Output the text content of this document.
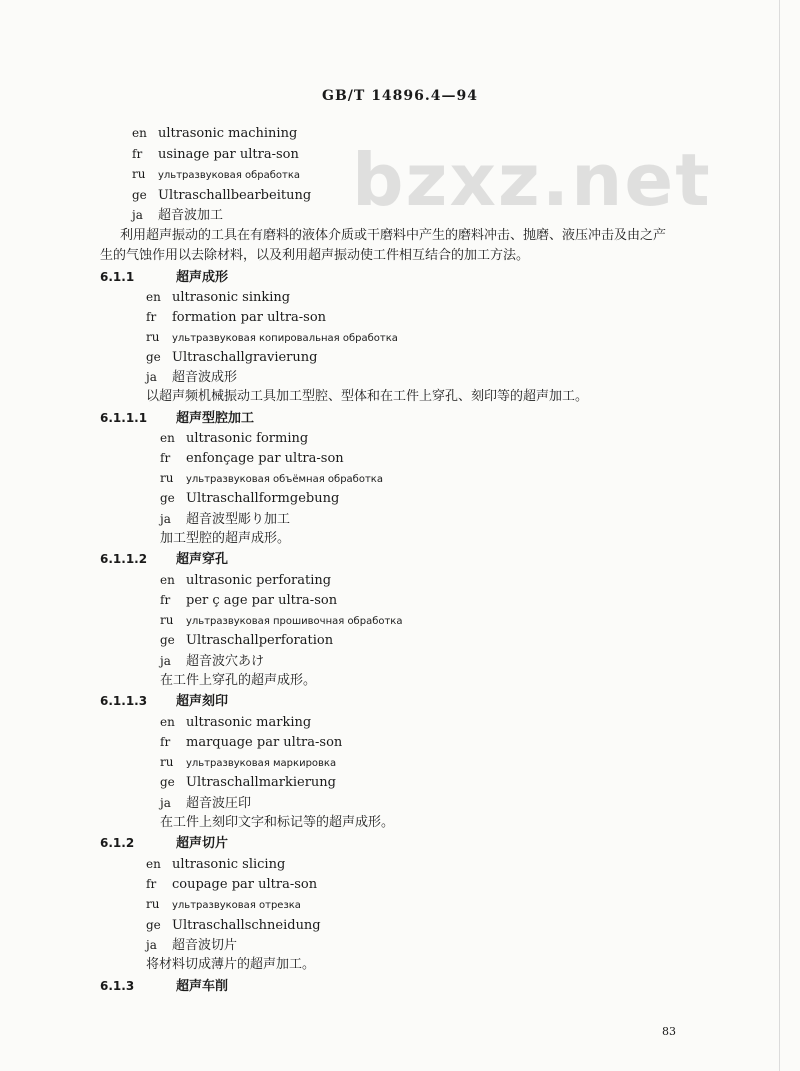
GB/T 14896.4—94
bzxz.net
en ultrasonic machining
fr usinage par ultra-son
ru ультразвуковая обработка
ge Ultraschallbearbeitung
ja 超音波加工
利用超声振动的工具在有磨料的液体介质或干磨料中产生的磨料冲击、抛磨、液压冲击及由之产
生的气蚀作用以去除材料，以及利用超声振动使工件相互结合的加工方法。
6.1.1	超声成形
en ultrasonic sinking
fr formation par ultra-son
ru ультразвуковая копировальная обработка
ge Ultraschallgravierung
ja 超音波成形
以超声频机械振动工具加工型腔、型体和在工件上穿孔、刻印等的超声加工。
6.1.1.1 超声型腔加工
en ultrasonic forming
fr enfonçage par ultra-son
ru ультразвуковая объёмная обработка
ge Ultraschallformgebung
ja 超音波型彫り加工
加工型腔的超声成形。
6.1.1.2 超声穿孔
en ultrasonic perforating
fr per ç age par ultra-son
ru ультразвуковая прошивочная обработка
ge Ultraschallperforation
ja 超音波穴あけ
在工件上穿孔的超声成形。
6.1.1.3 超声刻印
en ultrasonic marking
fr marquage par ultra-son
ru ультразвуковая маркировка
ge Ultraschallmarkierung
ja 超音波圧印
在工件上刻印文字和标记等的超声成形。
6.1.2	超声切片
en ultrasonic slicing
fr coupage par ultra-son
ru ультразвуковая отрезка
ge Ultraschallschneidung
ja 超音波切片
将材料切成薄片的超声加工。
6.1.3	超声车削
83
